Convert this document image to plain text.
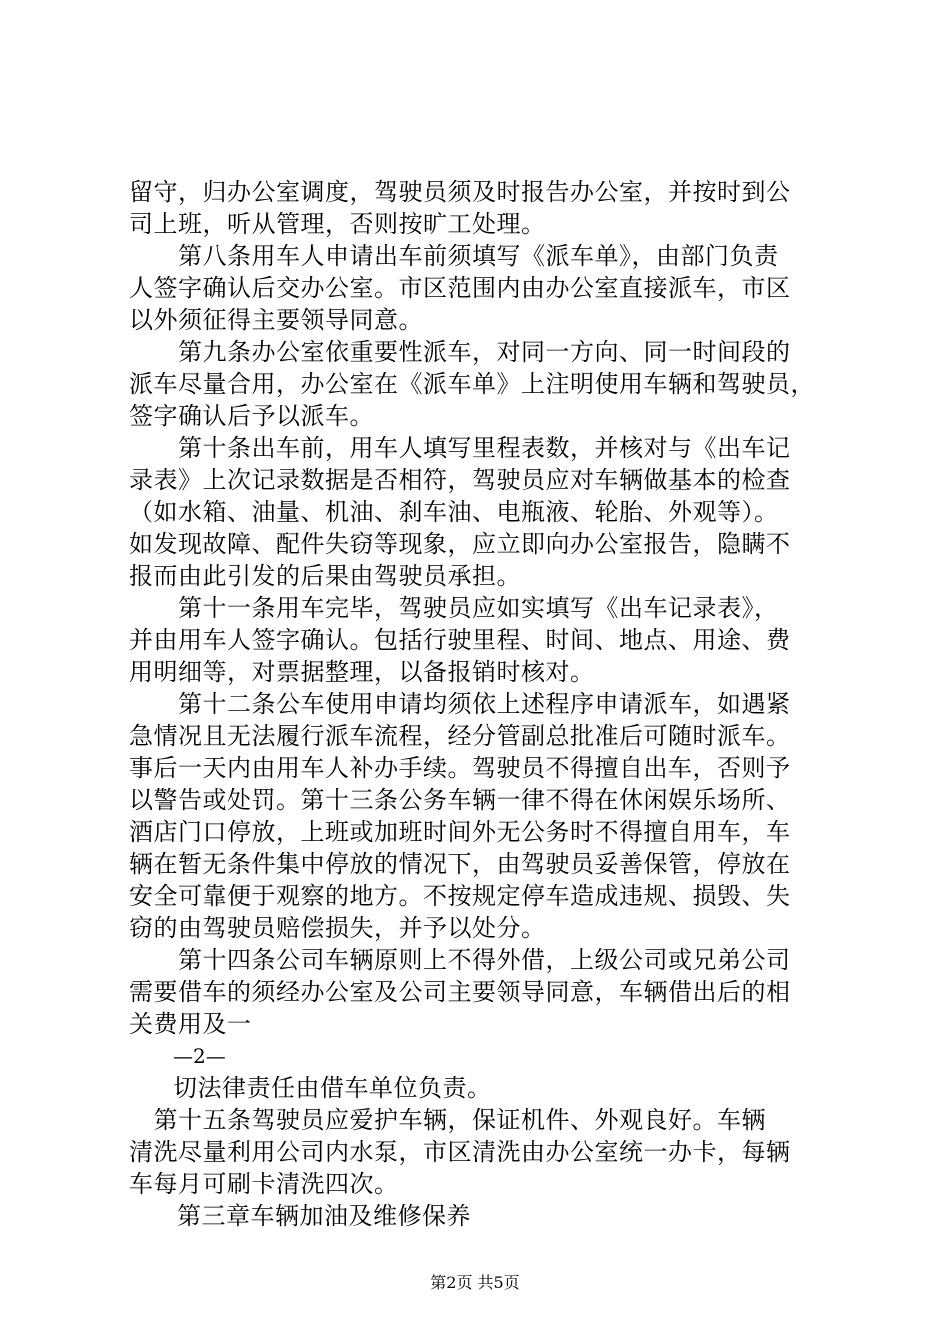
留守，归办公室调度，驾驶员须及时报告办公室，并按时到公
司上班，听从管理，否则按旷工处理。
　　第八条用车人申请出车前须填写《派车单》，由部门负责
人签字确认后交办公室。市区范围内由办公室直接派车，市区
以外须征得主要领导同意。
　　第九条办公室依重要性派车，对同一方向、同一时间段的
派车尽量合用，办公室在《派车单》上注明使用车辆和驾驶员，
签字确认后予以派车。
　　第十条出车前，用车人填写里程表数，并核对与《出车记
录表》上次记录数据是否相符，驾驶员应对车辆做基本的检查
（如水箱、油量、机油、刹车油、电瓶液、轮胎、外观等）。
如发现故障、配件失窃等现象，应立即向办公室报告，隐瞒不
报而由此引发的后果由驾驶员承担。
　　第十一条用车完毕，驾驶员应如实填写《出车记录表》，
并由用车人签字确认。包括行驶里程、时间、地点、用途、费
用明细等，对票据整理，以备报销时核对。
　　第十二条公车使用申请均须依上述程序申请派车，如遇紧
急情况且无法履行派车流程，经分管副总批准后可随时派车。
事后一天内由用车人补办手续。驾驶员不得擅自出车，否则予
以警告或处罚。第十三条公务车辆一律不得在休闲娱乐场所、
酒店门口停放，上班或加班时间外无公务时不得擅自用车，车
辆在暂无条件集中停放的情况下，由驾驶员妥善保管，停放在
安全可靠便于观察的地方。不按规定停车造成违规、损毁、失
窃的由驾驶员赔偿损失，并予以处分。
　　第十四条公司车辆原则上不得外借，上级公司或兄弟公司
需要借车的须经办公室及公司主要领导同意，车辆借出后的相
关费用及一
—2—
切法律责任由借车单位负责。
　第十五条驾驶员应爱护车辆，保证机件、外观良好。车辆
清洗尽量利用公司内水泵，市区清洗由办公室统一办卡，每辆
车每月可刷卡清洗四次。
第三章车辆加油及维修保养
第2页 共5页
